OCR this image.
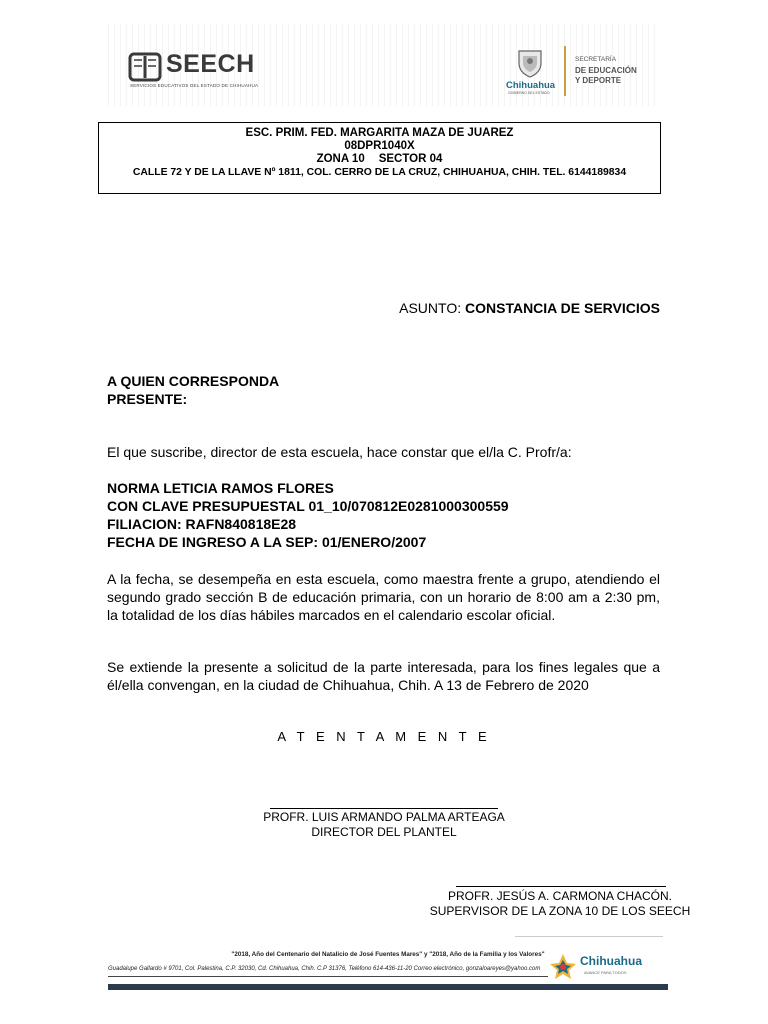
SEECH
SERVICIOS EDUCATIVOS DEL ESTADO DE CHIHUAHUA	Chihuahua
GOBIERNO DEL ESTADO
SECRETARÍA
DE EDUCACIÓN
Y DEPORTE
ESC. PRIM. FED. MARGARITA MAZA DE JUAREZ
08DPR1040X
ZONA 10 SECTOR 04
CALLE 72 Y DE LA LLAVE Nº 1811, COL. CERRO DE LA CRUZ, CHIHUAHUA, CHIH. TEL. 6144189834
ASUNTO: CONSTANCIA DE SERVICIOS
A QUIEN CORRESPONDA
PRESENTE:
El que suscribe, director de esta escuela, hace constar que el/la C. Profr/a:
NORMA LETICIA RAMOS FLORES
CON CLAVE PRESUPUESTAL 01_10/070812E0281000300559
FILIACION: RAFN840818E28
FECHA DE INGRESO A LA SEP: 01/ENERO/2007
A la fecha, se desempeña en esta escuela, como maestra frente a grupo, atendiendo el segundo grado sección B de educación primaria, con un horario de 8:00 am a 2:30 pm, la totalidad de los días hábiles marcados en el calendario escolar oficial.
Se extiende la presente a solicitud de la parte interesada, para los fines legales que a él/ella convengan, en la ciudad de Chihuahua, Chih. A 13 de Febrero de 2020
A T E N T A M E N T E
PROFR. LUIS ARMANDO PALMA ARTEAGA
DIRECTOR DEL PLANTEL
PROFR. JESÚS A. CARMONA CHACÓN.
SUPERVISOR DE LA ZONA 10 DE LOS SEECH
"2018, Año del Centenario del Natalicio de José Fuentes Mares" y "2018, Año de la Familia y los Valores"
Guadalupe Gallardo # 9701, Col. Palestina, C.P. 32030, Cd. Chihuahua, Chih. C.P 31376, Teléfono 614-436-11-20 Correo electrónico, gonzaloareyes@yahoo.com
Chihuahua
AVANCE PARA TODOS
